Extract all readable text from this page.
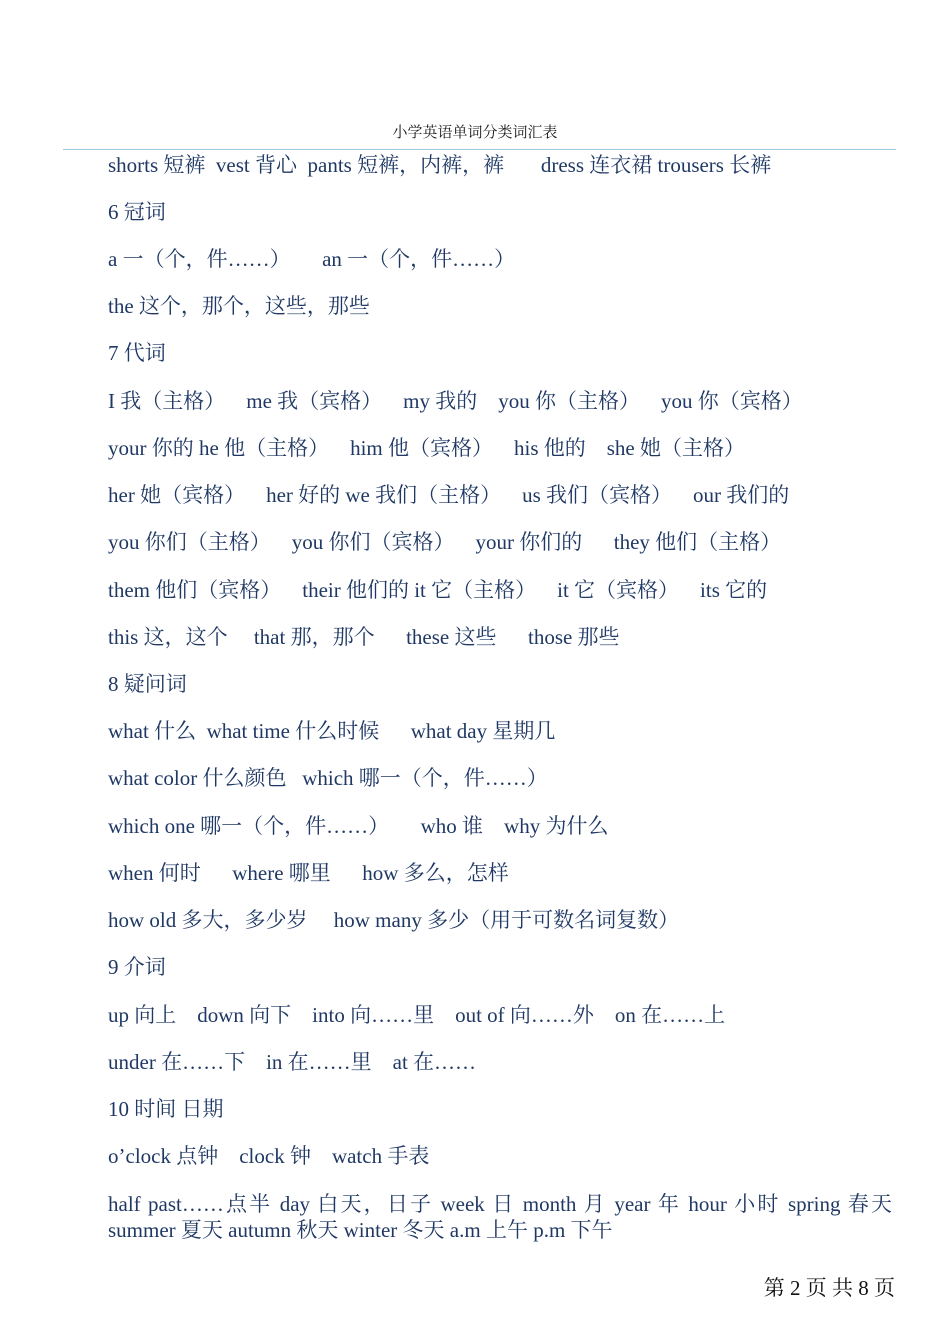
小学英语单词分类词汇表
shorts 短裤  vest 背心  pants 短裤，内裤，裤       dress 连衣裙 trousers 长裤
6 冠词
a 一（个，件……）      an 一（个，件……）
the 这个，那个，这些，那些
7 代词
I 我（主格）    me 我（宾格）    my 我的    you 你（主格）    you 你（宾格）
your 你的 he 他（主格）    him 他（宾格）    his 他的    she 她（主格）
her 她（宾格）    her 好的 we 我们（主格）    us 我们（宾格）    our 我们的
you 你们（主格）    you 你们（宾格）    your 你们的      they 他们（主格）
them 他们（宾格）    their 他们的 it 它（主格）    it 它（宾格）    its 它的
this 这，这个     that 那，那个      these 这些      those 那些
8 疑问词
what 什么  what time 什么时候      what day 星期几
what color 什么颜色   which 哪一（个，件……）
which one 哪一（个，件……）      who 谁    why 为什么
when 何时      where 哪里      how 多么，怎样
how old 多大，多少岁     how many 多少（用于可数名词复数）
9 介词
up 向上    down 向下    into 向……里    out of 向……外    on 在……上
under 在……下    in 在……里    at 在……
10 时间 日期
o’clock 点钟    clock 钟    watch 手表
half past……点半 day 白天，日子 week 日 month 月 year 年 hour 小时 spring 春天 summer 夏天 autumn 秋天 winter 冬天 a.m 上午 p.m 下午
第 2 页 共 8 页
